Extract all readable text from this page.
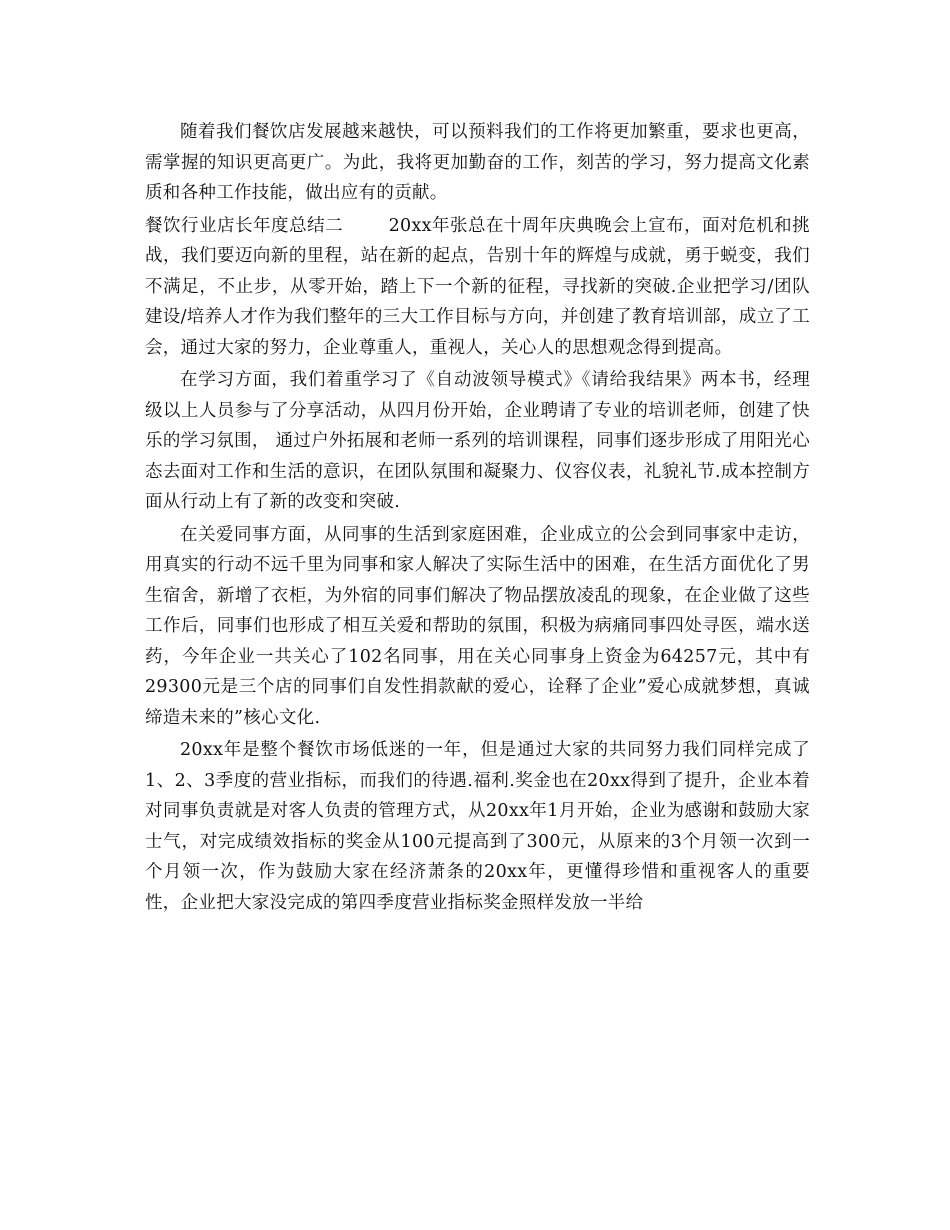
随着我们餐饮店发展越来越快，可以预料我们的工作将更加繁重，要求也更高，需掌握的知识更高更广。为此，我将更加勤奋的工作，刻苦的学习，努力提高文化素质和各种工作技能，做出应有的贡献。

餐饮行业店长年度总结二	20xx年张总在十周年庆典晚会上宣布，面对危机和挑战，我们要迈向新的里程，站在新的起点，告别十年的辉煌与成就，勇于蜕变，我们不满足，不止步，从零开始，踏上下一个新的征程，寻找新的突破.企业把学习/团队建设/培养人才作为我们整年的三大工作目标与方向，并创建了教育培训部，成立了工会，通过大家的努力，企业尊重人，重视人，关心人的思想观念得到提高。

在学习方面，我们着重学习了《自动波领导模式》《请给我结果》两本书，经理级以上人员参与了分享活动，从四月份开始，企业聘请了专业的培训老师，创建了快乐的学习氛围， 通过户外拓展和老师一系列的培训课程，同事们逐步形成了用阳光心态去面对工作和生活的意识，在团队氛围和凝聚力、仪容仪表，礼貌礼节.成本控制方面从行动上有了新的改变和突破.

在关爱同事方面，从同事的生活到家庭困难，企业成立的公会到同事家中走访，用真实的行动不远千里为同事和家人解决了实际生活中的困难，在生活方面优化了男生宿舍，新增了衣柜，为外宿的同事们解决了物品摆放凌乱的现象，在企业做了这些工作后，同事们也形成了相互关爱和帮助的氛围，积极为病痛同事四处寻医，端水送药，今年企业一共关心了102名同事，用在关心同事身上资金为64257元，其中有29300元是三个店的同事们自发性捐款献的爱心，诠释了企业”爱心成就梦想，真诚缔造未来的”核心文化.

20xx年是整个餐饮市场低迷的一年，但是通过大家的共同努力我们同样完成了1、2、3季度的营业指标，而我们的待遇.福利.奖金也在20xx得到了提升，企业本着对同事负责就是对客人负责的管理方式，从20xx年1月开始，企业为感谢和鼓励大家士气，对完成绩效指标的奖金从100元提高到了300元，从原来的3个月领一次到一个月领一次，作为鼓励大家在经济萧条的20xx年，更懂得珍惜和重视客人的重要性，企业把大家没完成的第四季度营业指标奖金照样发放一半给
